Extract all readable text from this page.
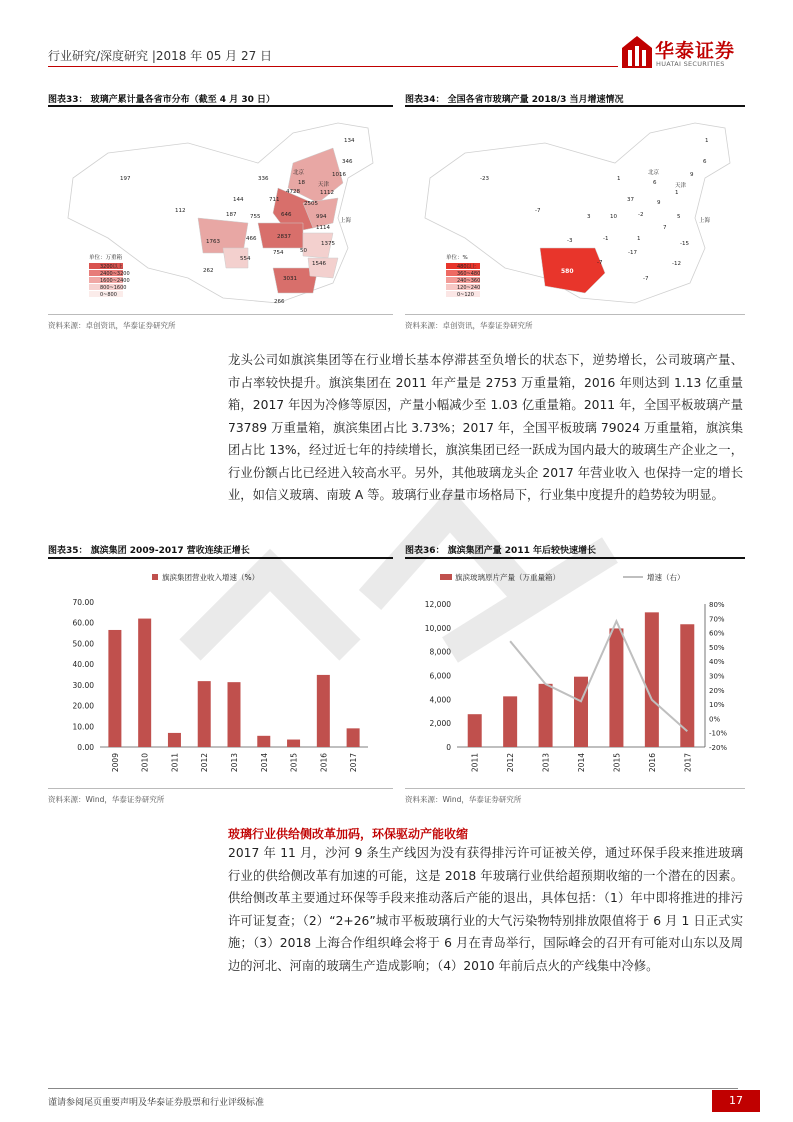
行业研究/深度研究 |2018 年 05 月 27 日	华泰证券
HUATAI SECURITIES
图表33： 玻璃产累计量各省市分布（截至 4 月 30 日）
134
346
1016
197	336
北京
18 天津
1112
4728
2505
144	711
646	994
上海
112
187 755
1114
1763	466	2837
1375
554
754	50
1546
262
3031
266
单位：万重箱
3200以上
2400~3200
1600~2400
800~1600
0~800
资料来源：卓创资讯，华泰证券研究所
图表34： 全国各省市玻璃产量 2018/3 当月增速情况
1
6
北京
-23	1
6
9
天津
1
37	9
-7
3	10	-2	5
上海
-3	-1
7
-15
1
-17
580
-7	-12
-7
单位：%
480以上
360~480
240~360
120~240
0~120
资料来源：卓创资讯，华泰证券研究所
龙头公司如旗滨集团等在行业增长基本停滞甚至负增长的状态下，逆势增长，公司玻璃产量、市占率较快提升。旗滨集团在 2011 年产量是 2753 万重量箱，2016 年则达到 1.13 亿重量箱，2017 年因为冷修等原因，产量小幅减少至 1.03 亿重量箱。2011 年，全国平板玻璃产量 73789 万重量箱，旗滨集团占比 3.73%；2017 年，全国平板玻璃 79024 万重量箱，旗滨集团占比 13%，经过近七年的持续增长，旗滨集团已经一跃成为国内最大的玻璃生产企业之一，行业份额占比已经进入较高水平。另外，其他玻璃龙头企 2017 年营业收入 也保持一定的增长业，如信义玻璃、南玻 A 等。玻璃行业存量市场格局下，行业集中度提升的趋势较为明显。
图表35： 旗滨集团 2009-2017 营收连续正增长
旗滨集团营业收入增速（%）
70.00
60.00
50.00
40.00
30.00
20.00
10.00
0.00
2009	2010	2011	2012	2013	2014	2015	2016	2017
资料来源：Wind，华泰证券研究所
图表36： 旗滨集团产量 2011 年后较快速增长
旗滨玻璃原片产量（万重量箱）	增速（右）
12,000
10,000
8,000
6,000
4,000
2,000
0
80%
70%
60%
50%
40%
30%
20%
10%
0%
-10%
-20%
2011	2012	2013	2014	2015	2016	2017
资料来源：Wind，华泰证券研究所
玻璃行业供给侧改革加码，环保驱动产能收缩
2017 年 11 月，沙河 9 条生产线因为没有获得排污许可证被关停，通过环保手段来推进玻璃行业的供给侧改革有加速的可能，这是 2018 年玻璃行业供给超预期收缩的一个潜在的因素。供给侧改革主要通过环保等手段来推动落后产能的退出，具体包括：（1）年中即将推进的排污许可证复查；（2）“2+26”城市平板玻璃行业的大气污染物特别排放限值将于 6 月 1 日正式实施；（3）2018 上海合作组织峰会将于 6 月在青岛举行，国际峰会的召开有可能对山东以及周边的河北、河南的玻璃生产造成影响；（4）2010 年前后点火的产线集中冷修。
谨请参阅尾页重要声明及华泰证券股票和行业评级标准	17
